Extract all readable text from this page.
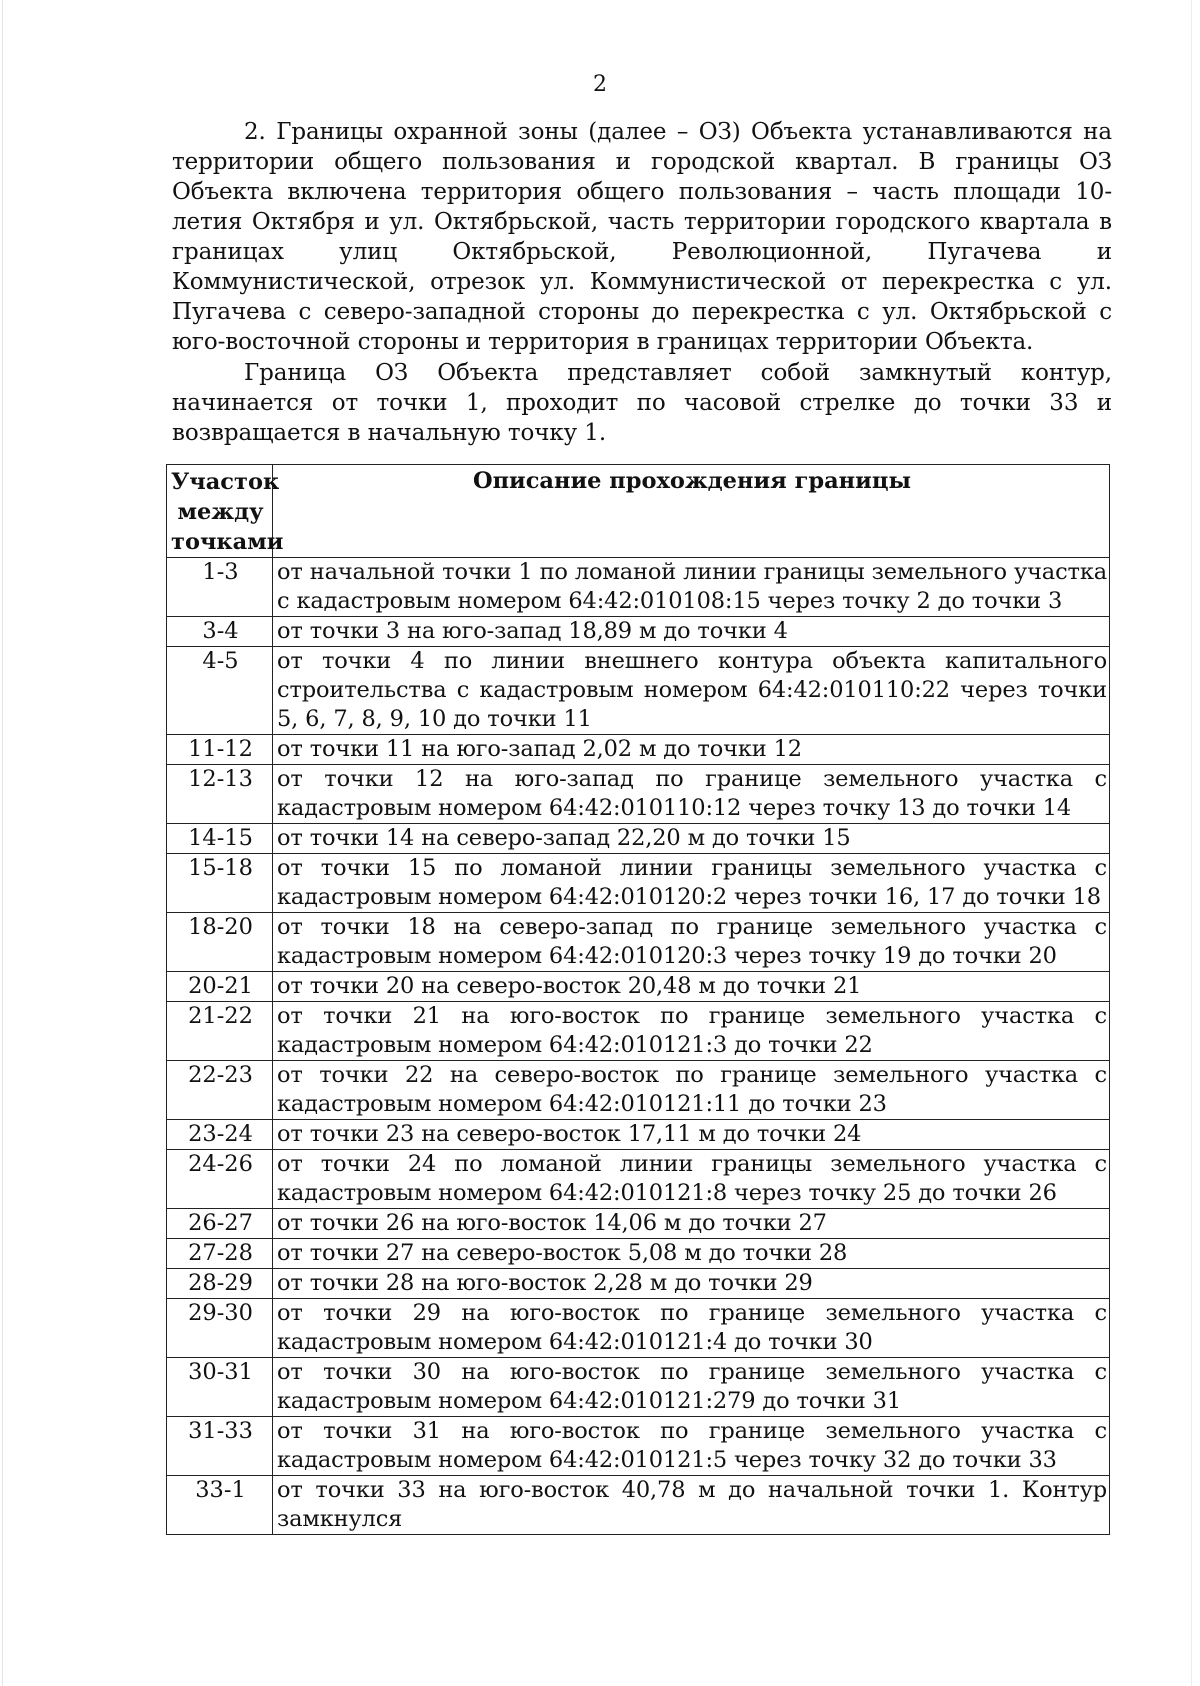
2

2. Границы охранной зоны (далее – ОЗ) Объекта устанавливаются на территории общего пользования и городской квартал. В границы ОЗ Объекта включена территория общего пользования – часть площади 10-летия Октября и ул. Октябрьской, часть территории городского квартала в границах улиц Октябрьской, Революционной, Пугачева и Коммунистической, отрезок ул. Коммунистической от перекрестка с ул. Пугачева с северо-западной стороны до перекрестка с ул. Октябрьской с юго-восточной стороны и территория в границах территории Объекта.

Граница ОЗ Объекта представляет собой замкнутый контур, начинается от точки 1, проходит по часовой стрелке до точки 33 и возвращается в начальную точку 1.

Участок между точками	Описание прохождения границы
1-3	от начальной точки 1 по ломаной линии границы земельного участка с кадастровым номером 64:42:010108:15 через точку 2 до точки 3
3-4	от точки 3 на юго-запад 18,89 м до точки 4
4-5	от точки 4 по линии внешнего контура объекта капитального строительства с кадастровым номером 64:42:010110:22 через точки 5, 6, 7, 8, 9, 10 до точки 11
11-12	от точки 11 на юго-запад 2,02 м до точки 12
12-13	от точки 12 на юго-запад по границе земельного участка с кадастровым номером 64:42:010110:12 через точку 13 до точки 14
14-15	от точки 14 на северо-запад 22,20 м до точки 15
15-18	от точки 15 по ломаной линии границы земельного участка с кадастровым номером 64:42:010120:2 через точки 16, 17 до точки 18
18-20	от точки 18 на северо-запад по границе земельного участка с кадастровым номером 64:42:010120:3 через точку 19 до точки 20
20-21	от точки 20 на северо-восток 20,48 м до точки 21
21-22	от точки 21 на юго-восток по границе земельного участка с кадастровым номером 64:42:010121:3 до точки 22
22-23	от точки 22 на северо-восток по границе земельного участка с кадастровым номером 64:42:010121:11 до точки 23
23-24	от точки 23 на северо-восток 17,11 м до точки 24
24-26	от точки 24 по ломаной линии границы земельного участка с кадастровым номером 64:42:010121:8 через точку 25 до точки 26
26-27	от точки 26 на юго-восток 14,06 м до точки 27
27-28	от точки 27 на северо-восток 5,08 м до точки 28
28-29	от точки 28 на юго-восток 2,28 м до точки 29
29-30	от точки 29 на юго-восток по границе земельного участка с кадастровым номером 64:42:010121:4 до точки 30
30-31	от точки 30 на юго-восток по границе земельного участка с кадастровым номером 64:42:010121:279 до точки 31
31-33	от точки 31 на юго-восток по границе земельного участка с кадастровым номером 64:42:010121:5 через точку 32 до точки 33
33-1	от точки 33 на юго-восток 40,78 м до начальной точки 1. Контур замкнулся
